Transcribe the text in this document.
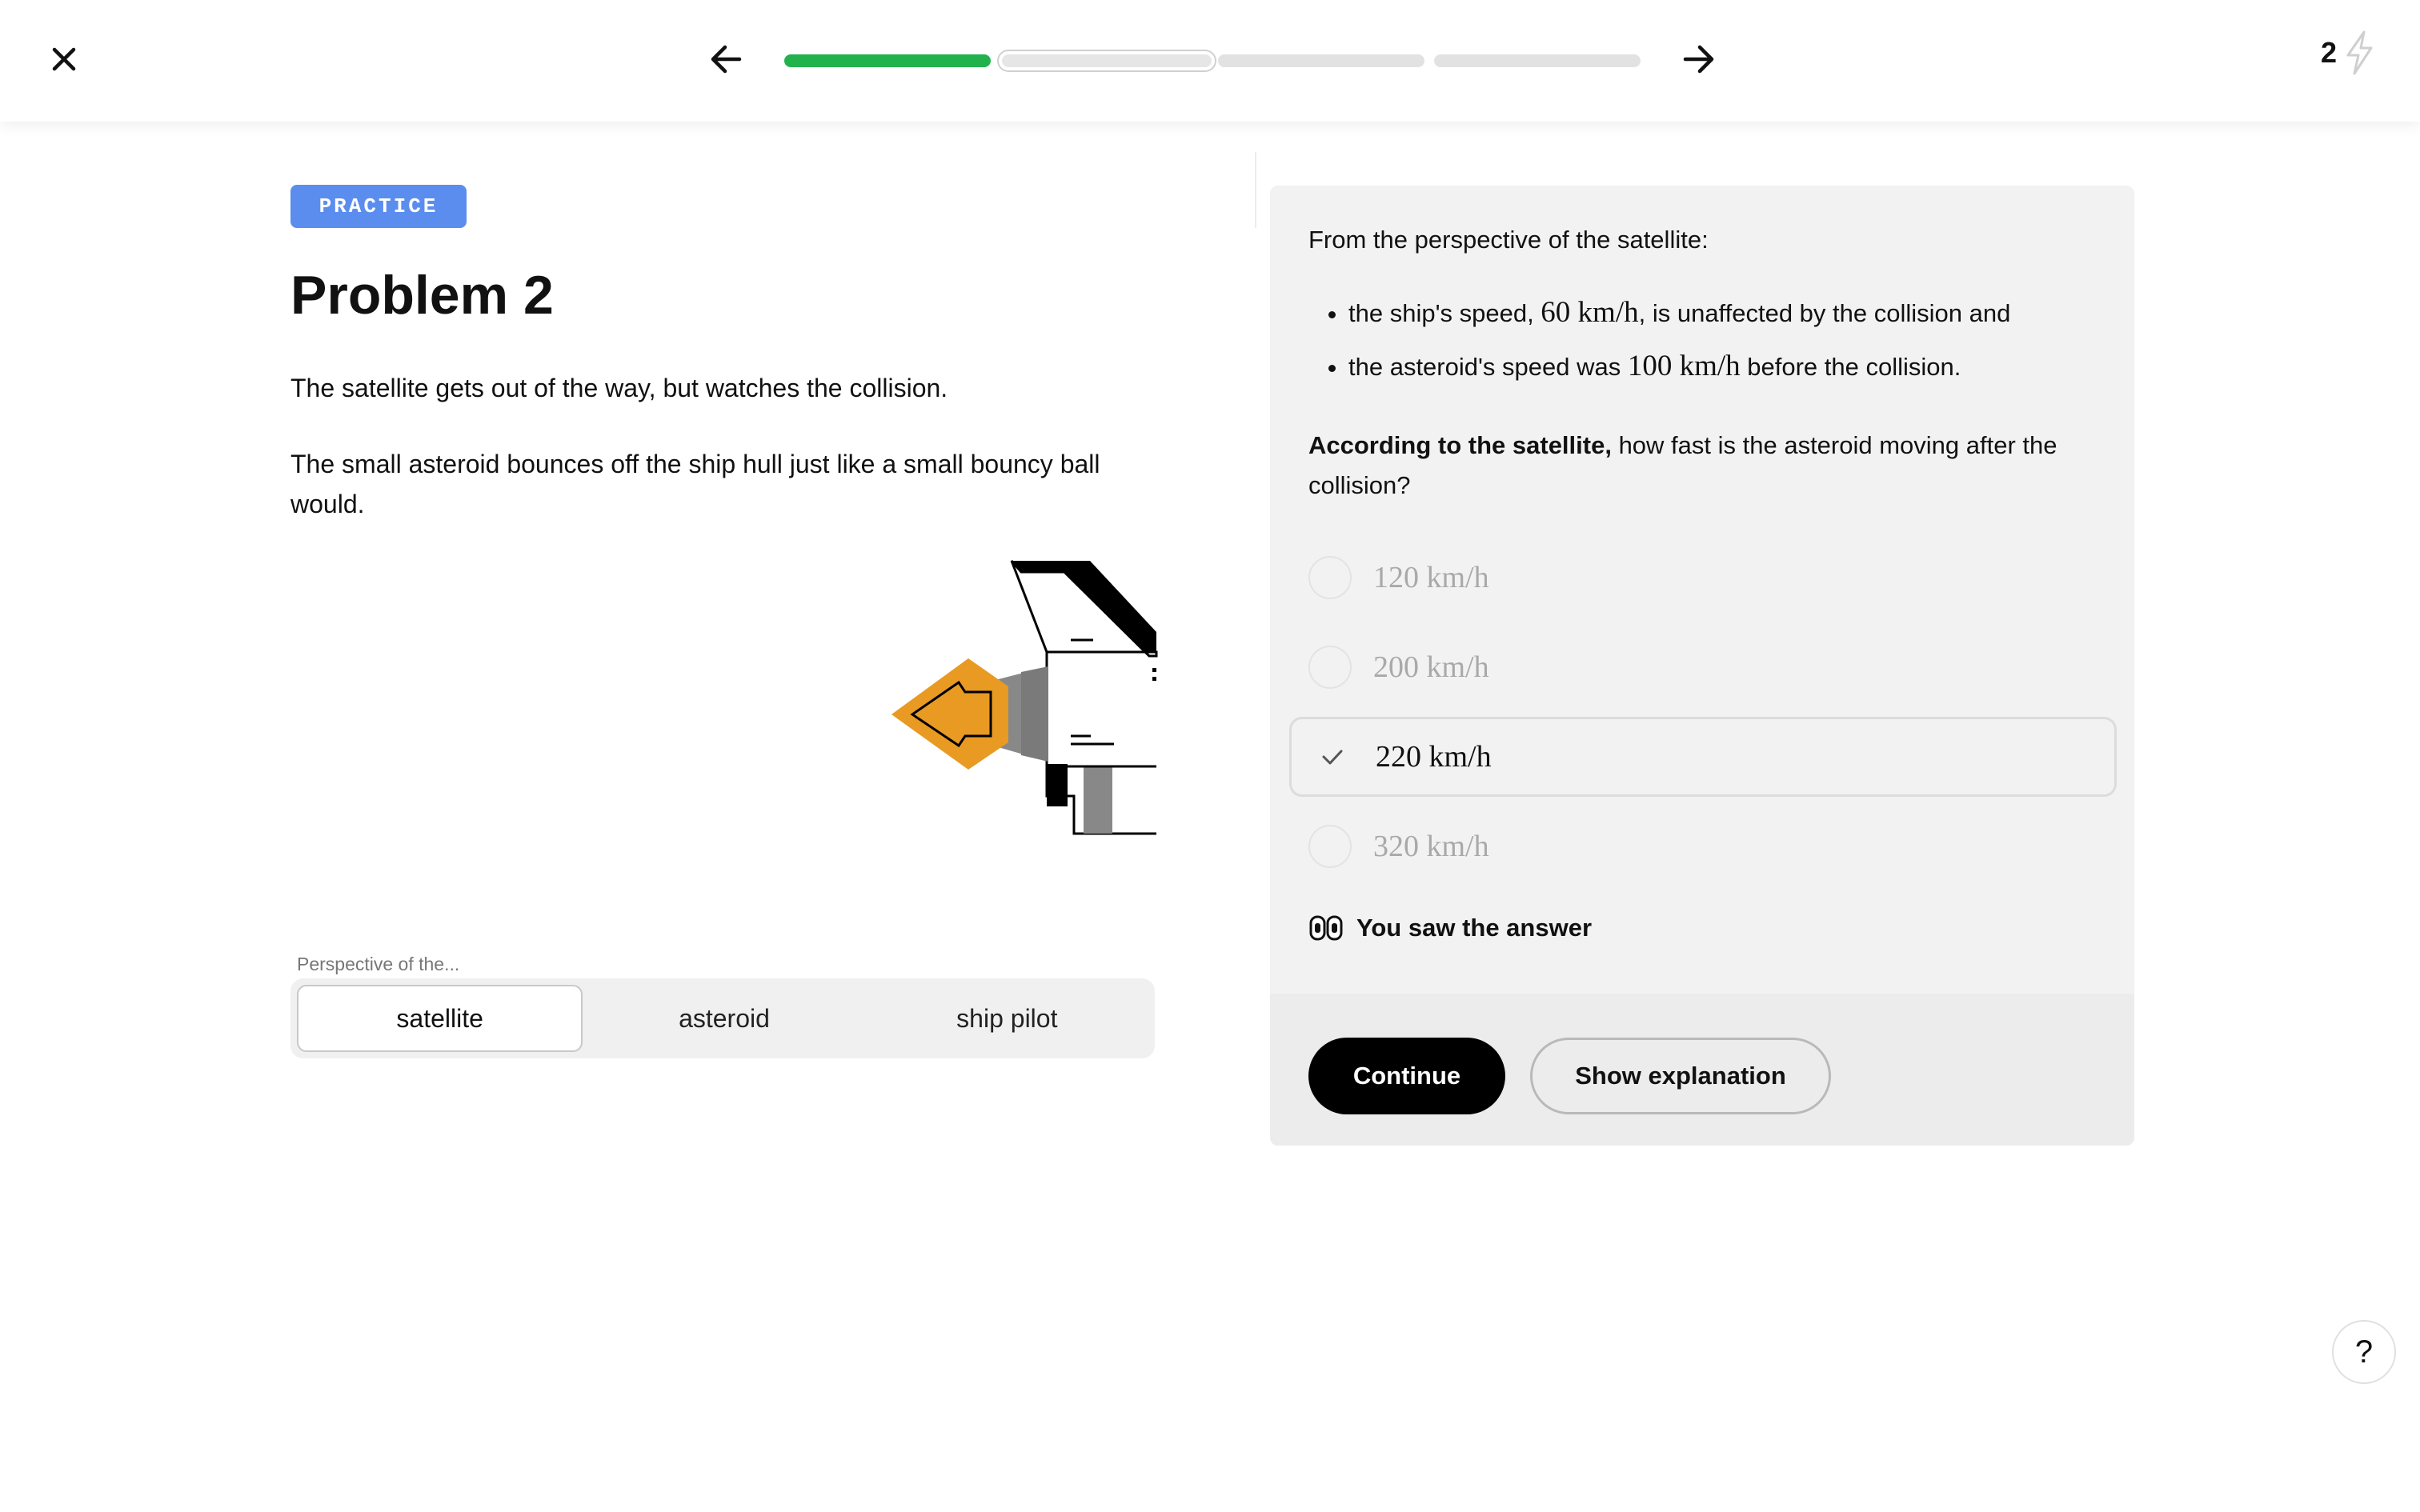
2
PRACTICE
Problem 2

The satellite gets out of the way, but watches the collision.

The small asteroid bounces off the ship hull just like a small bouncy ball would.

Perspective of the...
satellite	asteroid	ship pilot

From the perspective of the satellite:

• the ship's speed, 60 km/h, is unaffected by the collision and
• the asteroid's speed was 100 km/h before the collision.

According to the satellite, how fast is the asteroid moving after the collision?

120 km/h
200 km/h
220 km/h
320 km/h
You saw the answer
Continue	Show explanation
?
